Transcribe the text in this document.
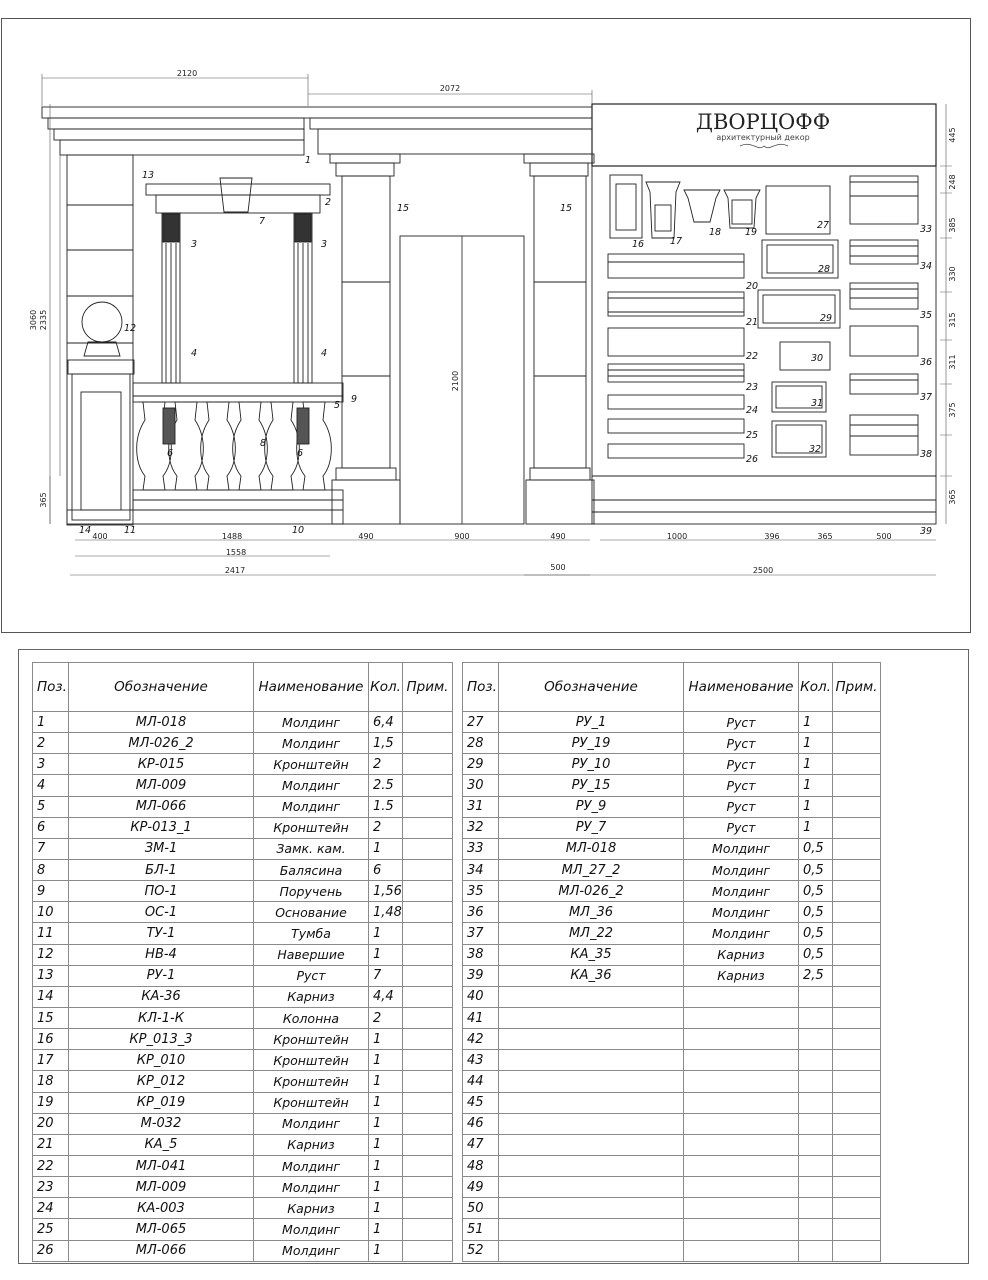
2120
2072
3060 2335
365
2100
400	1488	490	900	490
1558
2417	500	2500
1000	396	365	500
445
248
385
330
315
311
375
365
ДВОРЦОФФ
архитектурный декор
1
2
3	3
4	4
5
6	6
7
8
9
10
11
12
13
14
15	15
16	17
18	19
20
21
22
23
24
25
26
27
28
29
30
31
32
33
34
35
36
37
38
39
Поз.	Обозначение	Наименование	Кол.	Прим.
1	МЛ-018	Молдинг	6,4	
2	МЛ-026_2	Молдинг	1,5	
3	КР-015	Кронштейн	2	
4	МЛ-009	Молдинг	2.5	
5	МЛ-066	Молдинг	1.5	
6	КР-013_1	Кронштейн	2	
7	ЗМ-1	Замк. кам.	1	
8	БЛ-1	Балясина	6	
9	ПО-1	Поручень	1,56	
10	ОС-1	Основание	1,48	
11	ТУ-1	Тумба	1	
12	НВ-4	Навершие	1	
13	РУ-1	Руст	7	
14	КА-36	Карниз	4,4	
15	КЛ-1-К	Колонна	2	
16	КР_013_3	Кронштейн	1	
17	КР_010	Кронштейн	1	
18	КР_012	Кронштейн	1	
19	КР_019	Кронштейн	1	
20	М-032	Молдинг	1	
21	КА_5	Карниз	1	
22	МЛ-041	Молдинг	1	
23	МЛ-009	Молдинг	1	
24	КА-003	Карниз	1	
25	МЛ-065	Молдинг	1	
26	МЛ-066	Молдинг	1	
Поз.	Обозначение	Наименование	Кол.	Прим.
27	РУ_1	Руст	1	
28	РУ_19	Руст	1	
29	РУ_10	Руст	1	
30	РУ_15	Руст	1	
31	РУ_9	Руст	1	
32	РУ_7	Руст	1	
33	МЛ-018	Молдинг	0,5	
34	МЛ_27_2	Молдинг	0,5	
35	МЛ-026_2	Молдинг	0,5	
36	МЛ_36	Молдинг	0,5	
37	МЛ_22	Молдинг	0,5	
38	КА_35	Карниз	0,5	
39	КА_36	Карниз	2,5	
40				
41				
42				
43				
44				
45				
46				
47				
48				
49				
50				
51				
52				
